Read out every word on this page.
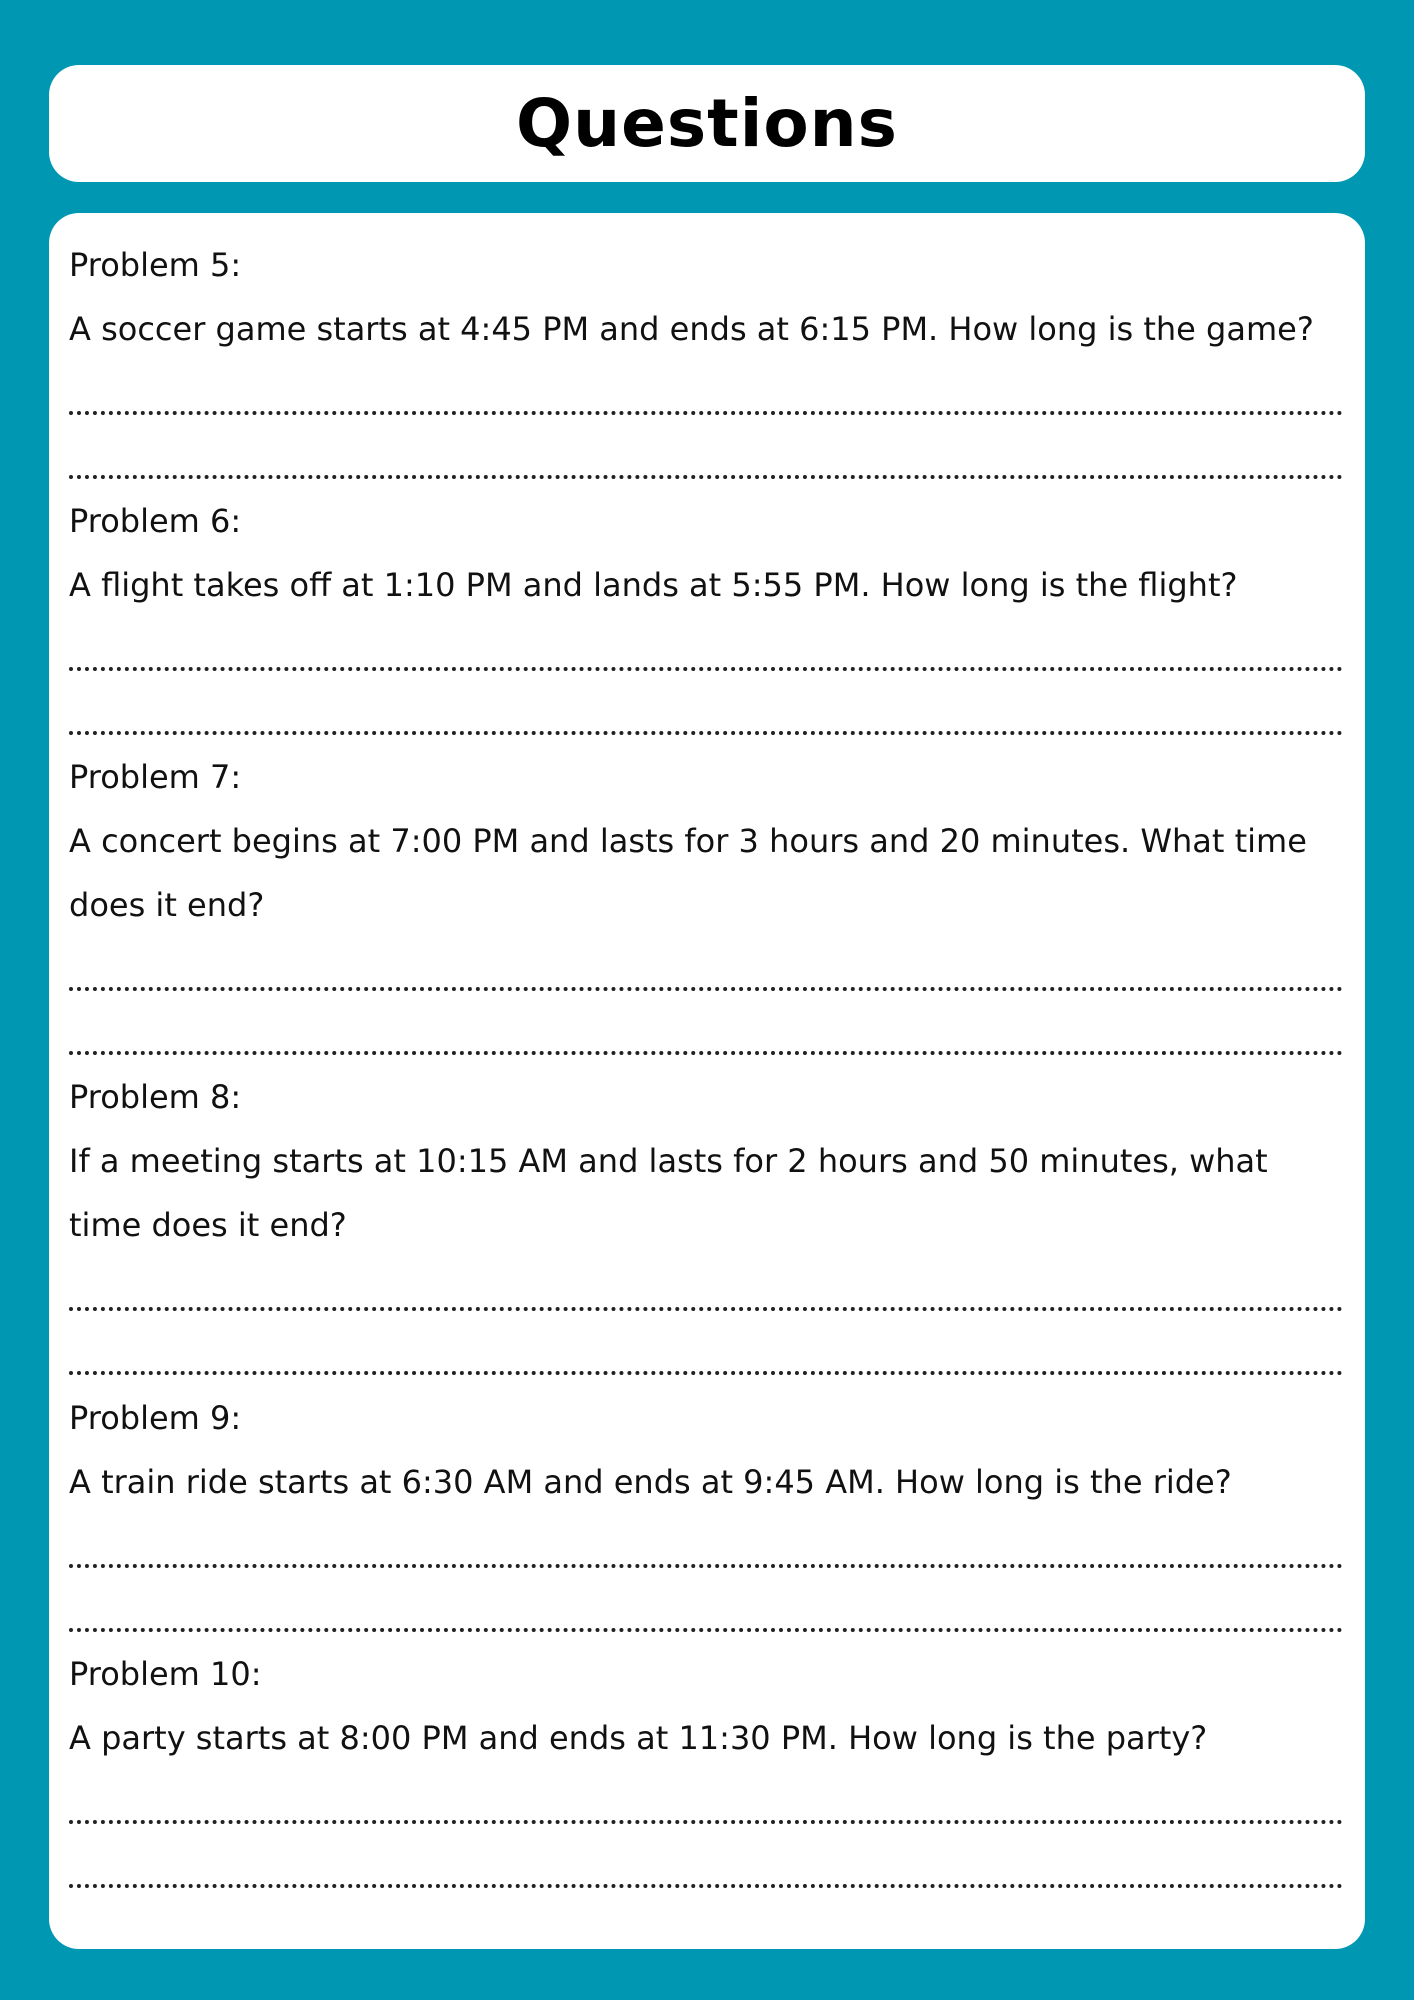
Questions
Problem 5:
A soccer game starts at 4:45 PM and ends at 6:15 PM. How long is the game?
Problem 6:
A flight takes off at 1:10 PM and lands at 5:55 PM. How long is the flight?
Problem 7:
A concert begins at 7:00 PM and lasts for 3 hours and 20 minutes. What time does it end?
Problem 8:
If a meeting starts at 10:15 AM and lasts for 2 hours and 50 minutes, what time does it end?
Problem 9:
A train ride starts at 6:30 AM and ends at 9:45 AM. How long is the ride?
Problem 10:
A party starts at 8:00 PM and ends at 11:30 PM. How long is the party?
